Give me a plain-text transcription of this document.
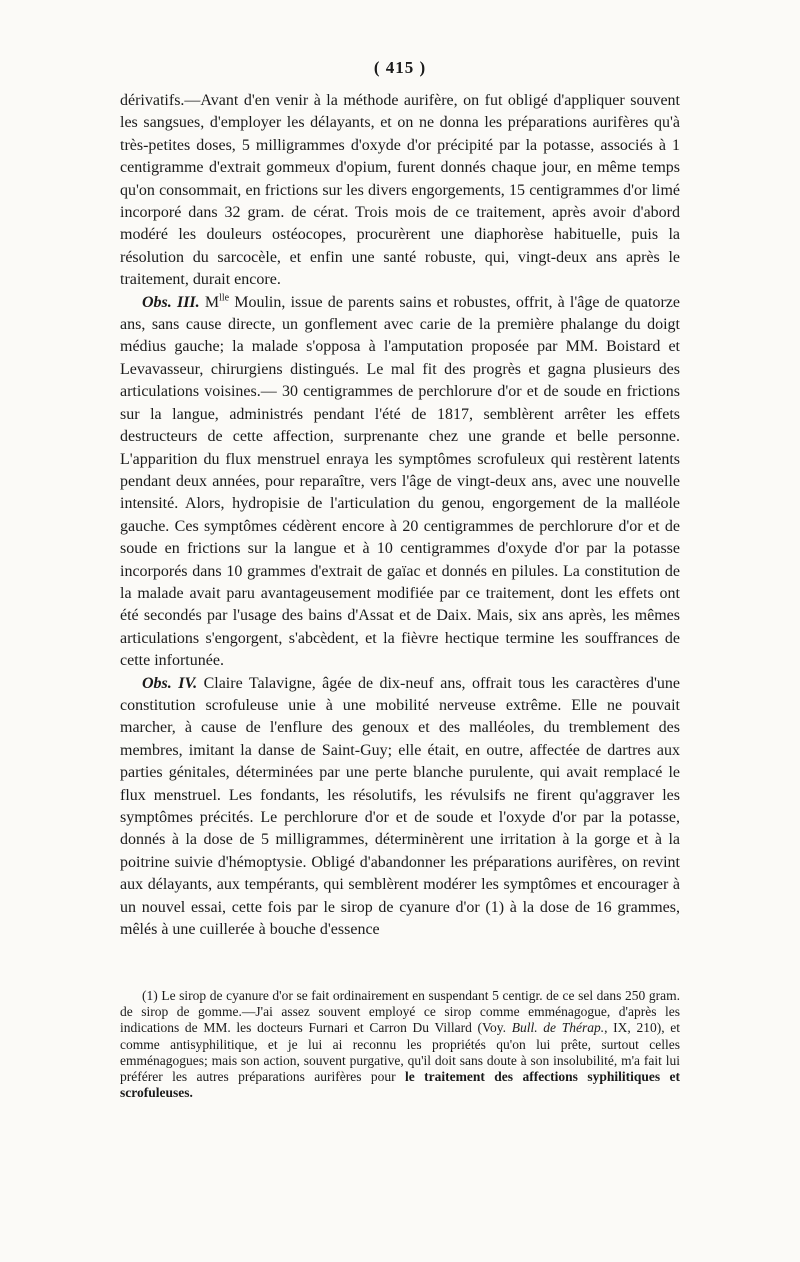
( 415 )

dérivatifs.—Avant d'en venir à la méthode aurifère, on fut obligé d'appliquer souvent les sangsues, d'employer les délayants, et on ne donna les préparations aurifères qu'à très-petites doses, 5 milligrammes d'oxyde d'or précipité par la potasse, associés à 1 centigramme d'extrait gommeux d'opium, furent donnés chaque jour, en même temps qu'on consommait, en frictions sur les divers engorgements, 15 centigrammes d'or limé incorporé dans 32 gram. de cérat. Trois mois de ce traitement, après avoir d'abord modéré les douleurs ostéocopes, procurèrent une diaphorèse habituelle, puis la résolution du sarcocèle, et enfin une santé robuste, qui, vingt-deux ans après le traitement, durait encore.

Obs. III. $M^{lle}$ Moulin, issue de parents sains et robustes, offrit, à l'âge de quatorze ans, sans cause directe, un gonflement avec carie de la première phalange du doigt médius gauche; la malade s'opposa à l'amputation proposée par MM. Boistard et Levavasseur, chirurgiens distingués. Le mal fit des progrès et gagna plusieurs des articulations voisines.— 30 centigrammes de perchlorure d'or et de soude en frictions sur la langue, administrés pendant l'été de 1817, semblèrent arrêter les effets destructeurs de cette affection, surprenante chez une grande et belle personne. L'apparition du flux menstruel enraya les symptômes scrofuleux qui restèrent latents pendant deux années, pour reparaître, vers l'âge de vingt-deux ans, avec une nouvelle intensité. Alors, hydropisie de l'articulation du genou, engorgement de la malléole gauche. Ces symptômes cédèrent encore à 20 centigrammes de perchlorure d'or et de soude en frictions sur la langue et à 10 centigrammes d'oxyde d'or par la potasse incorporés dans 10 grammes d'extrait de gaïac et donnés en pilules. La constitution de la malade avait paru avantageusement modifiée par ce traitement, dont les effets ont été secondés par l'usage des bains d'Assat et de Daix. Mais, six ans après, les mêmes articulations s'engorgent, s'abcèdent, et la fièvre hectique termine les souffrances de cette infortunée.

Obs. IV. Claire Talavigne, âgée de dix-neuf ans, offrait tous les caractères d'une constitution scrofuleuse unie à une mobilité nerveuse extrême. Elle ne pouvait marcher, à cause de l'enflure des genoux et des malléoles, du tremblement des membres, imitant la danse de Saint-Guy; elle était, en outre, affectée de dartres aux parties génitales, déterminées par une perte blanche purulente, qui avait remplacé le flux menstruel. Les fondants, les résolutifs, les révulsifs ne firent qu'aggraver les symptômes précités. Le perchlorure d'or et de soude et l'oxyde d'or par la potasse, donnés à la dose de 5 milligrammes, déterminèrent une irritation à la gorge et à la poitrine suivie d'hémoptysie. Obligé d'abandonner les préparations aurifères, on revint aux délayants, aux tempérants, qui semblèrent modérer les symptômes et encourager à un nouvel essai, cette fois par le sirop de cyanure d'or (1) à la dose de 16 grammes, mêlés à une cuillerée à bouche d'essence

(1) Le sirop de cyanure d'or se fait ordinairement en suspendant 5 centigr. de ce sel dans 250 gram. de sirop de gomme.—J'ai assez souvent employé ce sirop comme emménagogue, d'après les indications de MM. les docteurs Furnari et Carron Du Villard (Voy. Bull. de Thérap., IX, 210), et comme antisyphilitique, et je lui ai reconnu les propriétés qu'on lui prête, surtout celles emménagogues; mais son action, souvent purgative, qu'il doit sans doute à son insolubilité, m'a fait lui préférer les autres préparations aurifères pour le traitement des affections syphilitiques et scrofuleuses.
